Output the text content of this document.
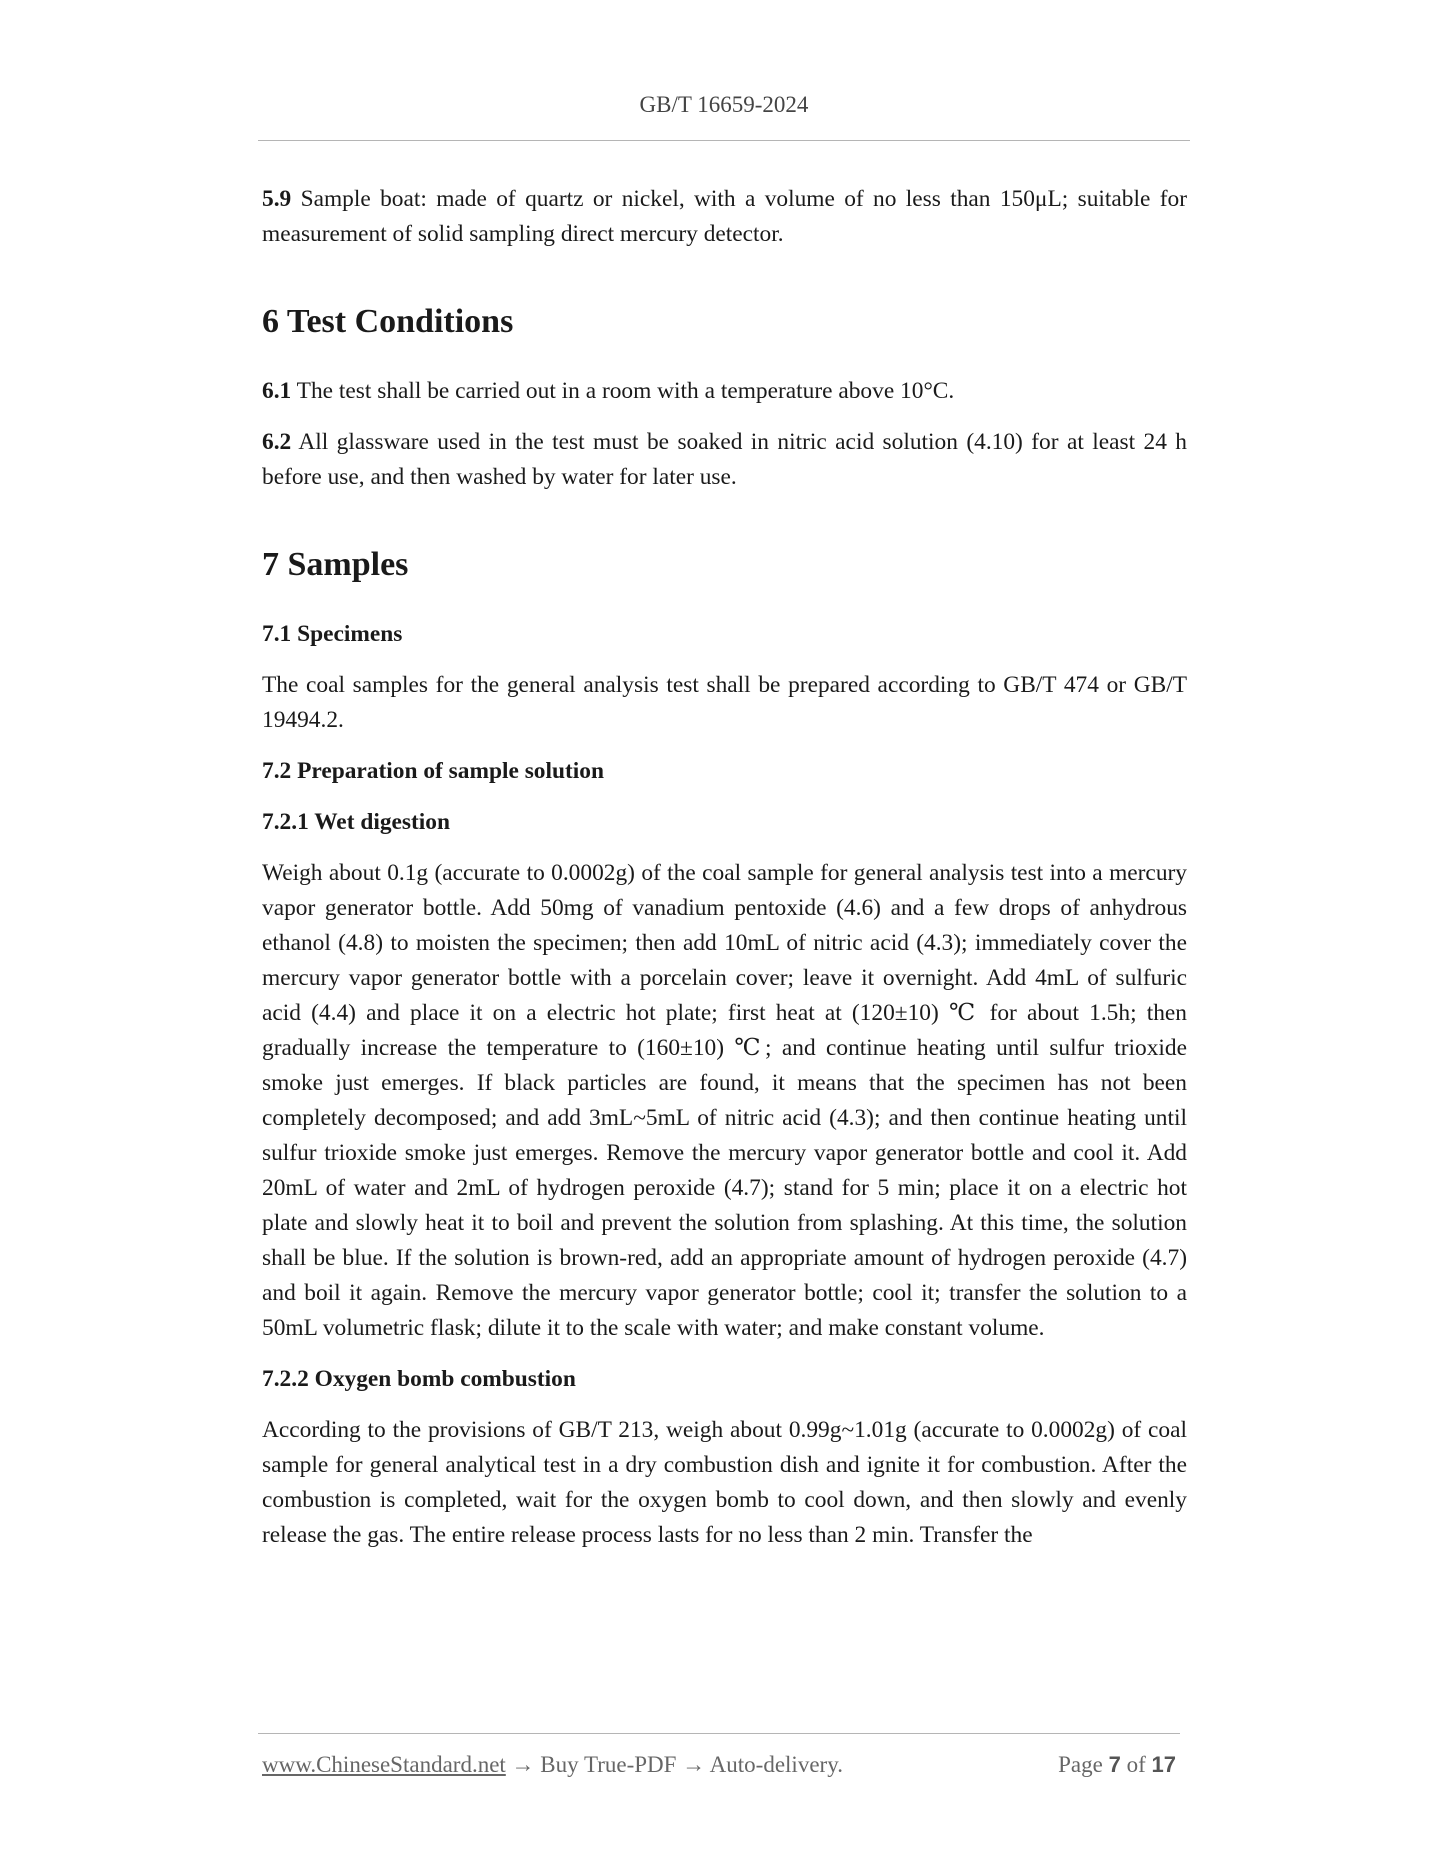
GB/T 16659-2024

5.9 Sample boat: made of quartz or nickel, with a volume of no less than 150μL; suitable for measurement of solid sampling direct mercury detector.

6 Test Conditions

6.1 The test shall be carried out in a room with a temperature above 10°C.

6.2 All glassware used in the test must be soaked in nitric acid solution (4.10) for at least 24 h before use, and then washed by water for later use.

7 Samples
7.1 Specimens

The coal samples for the general analysis test shall be prepared according to GB/T 474 or GB/T 19494.2.

7.2 Preparation of sample solution
7.2.1 Wet digestion

Weigh about 0.1g (accurate to 0.0002g) of the coal sample for general analysis test into a mercury vapor generator bottle. Add 50mg of vanadium pentoxide (4.6) and a few drops of anhydrous ethanol (4.8) to moisten the specimen; then add 10mL of nitric acid (4.3); immediately cover the mercury vapor generator bottle with a porcelain cover; leave it overnight. Add 4mL of sulfuric acid (4.4) and place it on a electric hot plate; first heat at (120±10) ℃ for about 1.5h; then gradually increase the temperature to (160±10) ℃; and continue heating until sulfur trioxide smoke just emerges. If black particles are found, it means that the specimen has not been completely decomposed; and add 3mL~5mL of nitric acid (4.3); and then continue heating until sulfur trioxide smoke just emerges. Remove the mercury vapor generator bottle and cool it. Add 20mL of water and 2mL of hydrogen peroxide (4.7); stand for 5 min; place it on a electric hot plate and slowly heat it to boil and prevent the solution from splashing. At this time, the solution shall be blue. If the solution is brown-red, add an appropriate amount of hydrogen peroxide (4.7) and boil it again. Remove the mercury vapor generator bottle; cool it; transfer the solution to a 50mL volumetric flask; dilute it to the scale with water; and make constant volume.

7.2.2 Oxygen bomb combustion

According to the provisions of GB/T 213, weigh about 0.99g~1.01g (accurate to 0.0002g) of coal sample for general analytical test in a dry combustion dish and ignite it for combustion. After the combustion is completed, wait for the oxygen bomb to cool down, and then slowly and evenly release the gas. The entire release process lasts for no less than 2 min. Transfer the

www.ChineseStandard.net → Buy True-PDF → Auto-delivery.	Page 7 of 17
